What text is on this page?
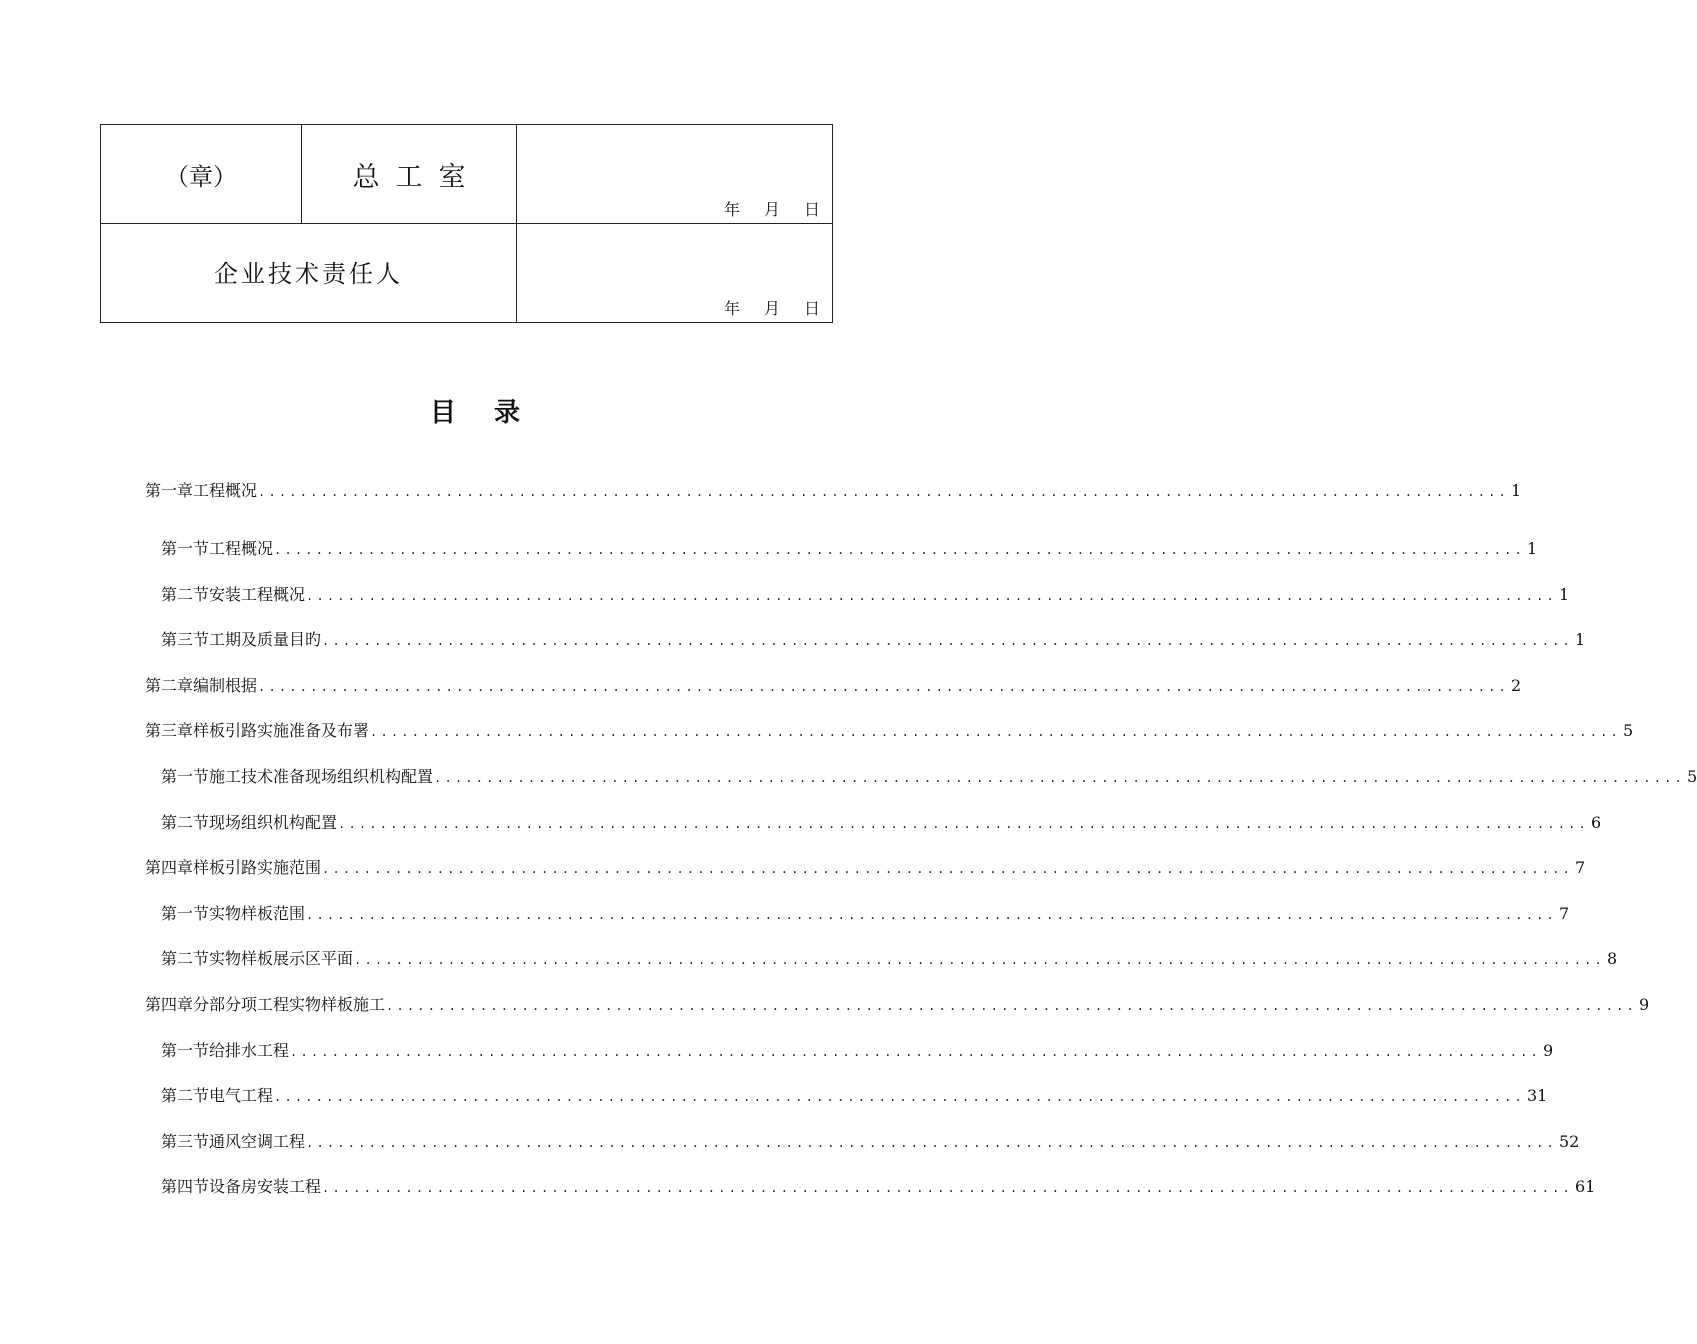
（章）	总工室
年 月 日
企业技术责任人
年 月 日
目录
第一章 工程概况 ........................................................................................................................ 1
第一节 工程概况 ........................................................................................................................ 1
第二节 安装工程概况 ........................................................................................................................ 1
第三节 工期及质量目旳 ........................................................................................................................ 1
第二章 编制根据 ........................................................................................................................ 2
第三章 样板引路实施准备及布署 ........................................................................................................................ 5
第一节 施工技术准备现场组织机构配置 ........................................................................................................................ 5
第二节 现场组织机构配置 ........................................................................................................................ 6
第四章 样板引路实施范围 ........................................................................................................................ 7
第一节 实物样板范围 ........................................................................................................................ 7
第二节 实物样板展示区平面 ........................................................................................................................ 8
第四章 分部分项工程实物样板施工 ........................................................................................................................ 9
第一节 给排水工程 ........................................................................................................................ 9
第二节 电气工程 ........................................................................................................................ 31
第三节 通风空调工程 ........................................................................................................................ 52
第四节 设备房安装工程 ........................................................................................................................ 61
